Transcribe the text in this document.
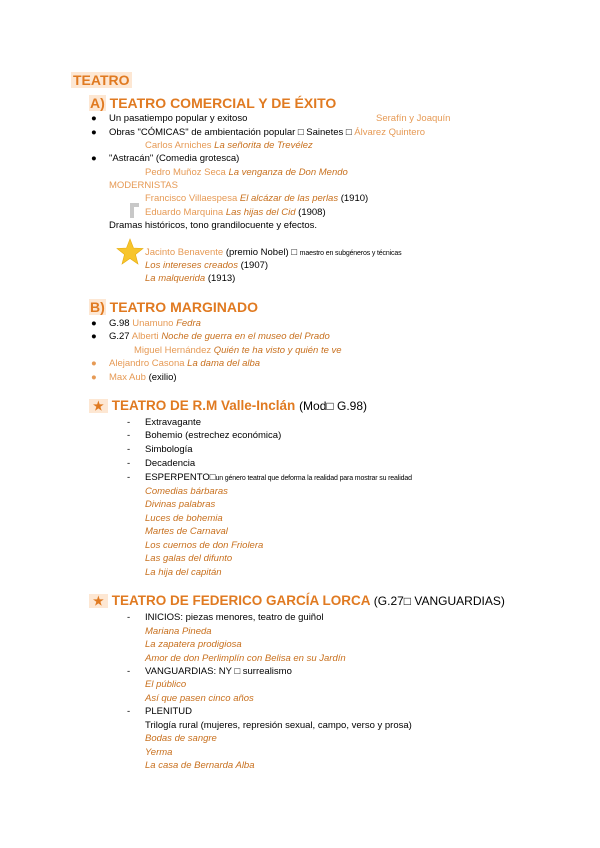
TEATRO
A) TEATRO COMERCIAL Y DE ÉXITO
● Un pasatiempo popular y exitoso	Serafín y Joaquín
● Obras "CÓMICAS" de ambientación popular □ Sainetes □ Álvarez Quintero
Carlos Arniches La señorita de Trevélez
● "Astracán" (Comedia grotesca)
Pedro Muñoz Seca La venganza de Don Mendo
MODERNISTAS
Francisco Villaespesa El alcázar de las perlas (1910)
Eduardo Marquina Las hijas del Cid (1908)
Dramas históricos, tono grandilocuente y efectos.
Jacinto Benavente (premio Nobel) □ maestro en subgéneros y técnicas
Los intereses creados (1907)
La malquerida (1913)
B) TEATRO MARGINADO
● G.98 Unamuno Fedra
● G.27 Alberti Noche de guerra en el museo del Prado
Miguel Hernández Quién te ha visto y quién te ve
● Alejandro Casona La dama del alba
● Max Aub (exilio)
★ TEATRO DE R.M Valle-Inclán (Mod□ G.98)
- Extravagante
- Bohemio (estrechez económica)
- Simbología
- Decadencia
- ESPERPENTO□un género teatral que deforma la realidad para mostrar su realidad
Comedias bárbaras
Divinas palabras
Luces de bohemia
Martes de Carnaval
Los cuernos de don Friolera
Las galas del difunto
La hija del capitán
★ TEATRO DE FEDERICO GARCÍA LORCA (G.27□ VANGUARDIAS)
- INICIOS: piezas menores, teatro de guiñol
Mariana Pineda
La zapatera prodigiosa
Amor de don Perlimplín con Belisa en su Jardín
- VANGUARDIAS: NY □ surrealismo
El público
Así que pasen cinco años
- PLENITUD
Trilogía rural (mujeres, represión sexual, campo, verso y prosa)
Bodas de sangre
Yerma
La casa de Bernarda Alba
